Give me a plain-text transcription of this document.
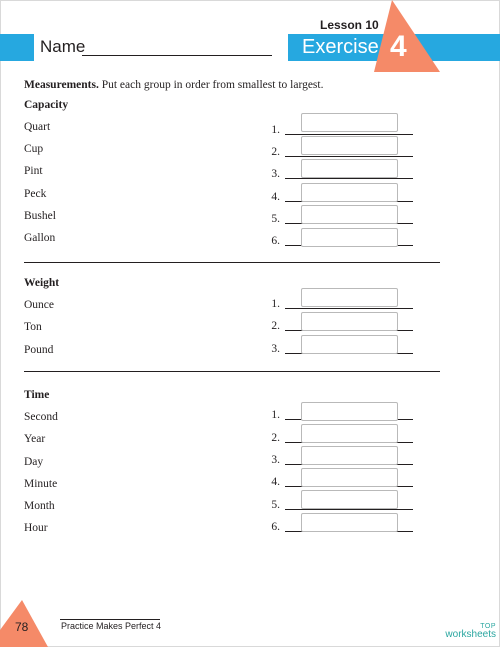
Name
Lesson 10
Exercise 4
Measurements. Put each group in order from smallest to largest.
Capacity
Quart
Cup
Pint
Peck
Bushel
Gallon
1.
2.
3.
4.
5.
6.
Weight
Ounce
Ton
Pound
1.
2.
3.
Time
Second
Year
Day
Minute
Month
Hour
1.
2.
3.
4.
5.
6.
78	Practice Makes Perfect 4	TOP
worksheets
